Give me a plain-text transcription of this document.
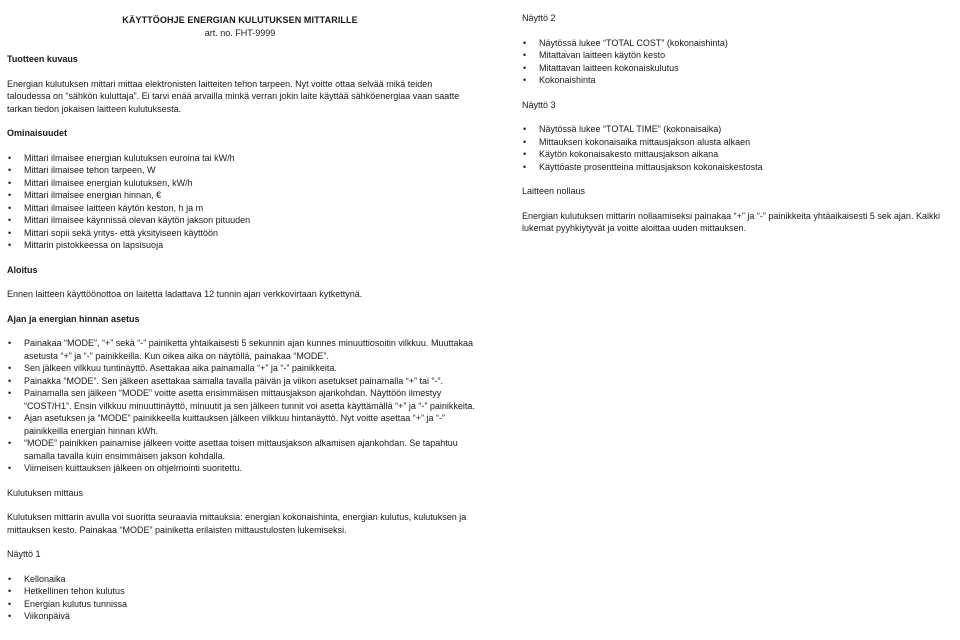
KÄYTTÖOHJE ENERGIAN KULUTUKSEN MITTARILLE
art. no. FHT-9999
Tuotteen kuvaus

Energian kulutuksen mittari mittaa elektronisten laitteiten tehon tarpeen. Nyt voitte ottaa selvää mikä teiden taloudessa on “sähkön kuluttaja”. Ei tarvi enää arvailla minkä verran jokin laite käyttää sähköenergiaa vaan saatte tarkan tiedon jokaisen laitteen kulutuksesta.

Ominaisuudet
• Mittari ilmaisee energian kulutuksen euroina tai kW/h
• Mittari ilmaisee tehon tarpeen, W
• Mittari ilmaisee energian kulutuksen, kW/h
• Mittari ilmaisee energian hinnan, €
• Mittari ilmaisee laitteen käytön keston, h ja m
• Mittari ilmaisee käynnissä olevan käytön jakson pituuden
• Mittari sopii sekä yritys- että yksityiseen käyttöön
• Mittarin pistokkeessa on lapsisuoja
Aloitus

Ennen laitteen käyttöönottoa on laitetta ladattava 12 tunnin ajan verkkovirtaan kytkettynä.

Ajan ja energian hinnan asetus
• Painakaa “MODE”, “+” sekä “-” painiketta yhtaikaisesti 5 sekunnin ajan kunnes minuuttiosoitin vilkkuu. Muuttakaa asetusta “+” ja “-” painikkeilla. Kun oikea aika on näytöllä, painakaa “MODE”.
• Sen jälkeen vilkkuu tuntinäyttö. Asettakaa aika painamalla “+” ja “-” painikkeita.
• Painakka “MODE”. Sen jälkeen asettakaa samalla tavalla päivän ja viikon asetukset painamalla “+” tai “-”.
• Painamalla sen jälkeen “MODE” voitte asetta ensimmäisen mittausjakson ajankohdan. Näyttöön ilmestyy “COST/H1”. Ensin vilkkuu minuuttinäyttö, minuutit ja sen jälkeen tunnit voi asetta käyttämällä “+” ja “-” painikkeita.
• Ajan asetuksen ja “MODE” painikkeella kuittauksen jälkeen vilkkuu hintanäyttö. Nyt voitte asettaa “+” ja “-” painikkeilla energian hinnan kWh.
• “MODE” painikken painamise jälkeen voitte asettaa toisen mittausjakson alkamisen ajankohdan. Se tapahtuu samalla tavalla kuin ensimmäisen jakson kohdalla.
• Viimeisen kuittauksen jälkeen on ohjelmointi suoritettu.
Kulutuksen mittaus

Kulutuksen mittarin avulla voi suoritta seuraavia mittauksia: energian kokonaishinta, energian kulutus, kulutuksen ja mittauksen kesto. Painakaa “MODE” painiketta erilaisten mittaustulosten lukemiseksi.

Näyttö 1
• Kellonaika
• Hetkellinen tehon kulutus
• Energian kulutus tunnissa
• Viikonpäivä
Näyttö 2
• Näytössä lukee “TOTAL COST” (kokonaishinta)
• Mitattavan laitteen käytön kesto
• Mitattavan laitteen kokonaiskulutus
• Kokonaishinta
Näyttö 3
• Näytössä lukee “TOTAL TIME” (kokonaisaika)
• Mittauksen kokonaisaika mittausjakson alusta alkaen
• Käytön kokonaisakesto mittausjakson aikana
• Käyttöaste prosentteina mittausjakson kokonaiskestosta
Laitteen nollaus

Energian kulutuksen mittarin nollaamiseksi painakaa “+” ja “-” painikkeita yhtäaikaisesti 5 sek ajan. Kaikki lukemat pyyhkiytyvät ja voitte aloittaa uuden mittauksen.
